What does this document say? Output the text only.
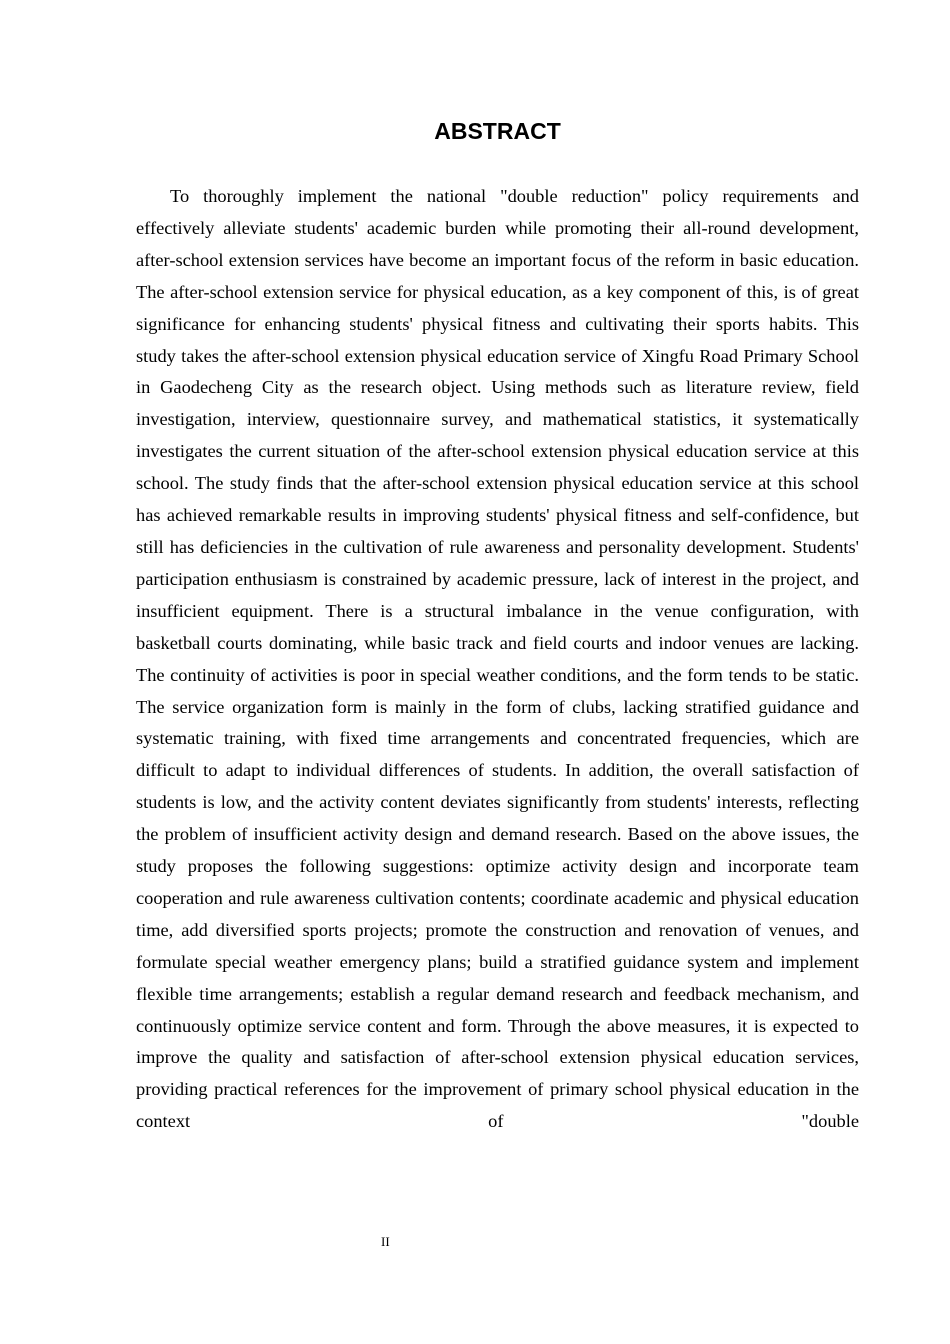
ABSTRACT

To thoroughly implement the national "double reduction" policy requirements and effectively alleviate students' academic burden while promoting their all-round development, after-school extension services have become an important focus of the reform in basic education. The after-school extension service for physical education, as a key component of this, is of great significance for enhancing students' physical fitness and cultivating their sports habits. This study takes the after-school extension physical education service of Xingfu Road Primary School in Gaodecheng City as the research object. Using methods such as literature review, field investigation, interview, questionnaire survey, and mathematical statistics, it systematically investigates the current situation of the after-school extension physical education service at this school. The study finds that the after-school extension physical education service at this school has achieved remarkable results in improving students' physical fitness and self-confidence, but still has deficiencies in the cultivation of rule awareness and personality development. Students' participation enthusiasm is constrained by academic pressure, lack of interest in the project, and insufficient equipment. There is a structural imbalance in the venue configuration, with basketball courts dominating, while basic track and field courts and indoor venues are lacking. The continuity of activities is poor in special weather conditions, and the form tends to be static. The service organization form is mainly in the form of clubs, lacking stratified guidance and systematic training, with fixed time arrangements and concentrated frequencies, which are difficult to adapt to individual differences of students. In addition, the overall satisfaction of students is low, and the activity content deviates significantly from students' interests, reflecting the problem of insufficient activity design and demand research. Based on the above issues, the study proposes the following suggestions: optimize activity design and incorporate team cooperation and rule awareness cultivation contents; coordinate academic and physical education time, add diversified sports projects; promote the construction and renovation of venues, and formulate special weather emergency plans; build a stratified guidance system and implement flexible time arrangements; establish a regular demand research and feedback mechanism, and continuously optimize service content and form. Through the above measures, it is expected to improve the quality and satisfaction of after-school extension physical education services, providing practical references for the improvement of primary school physical education in the context of "double

II
